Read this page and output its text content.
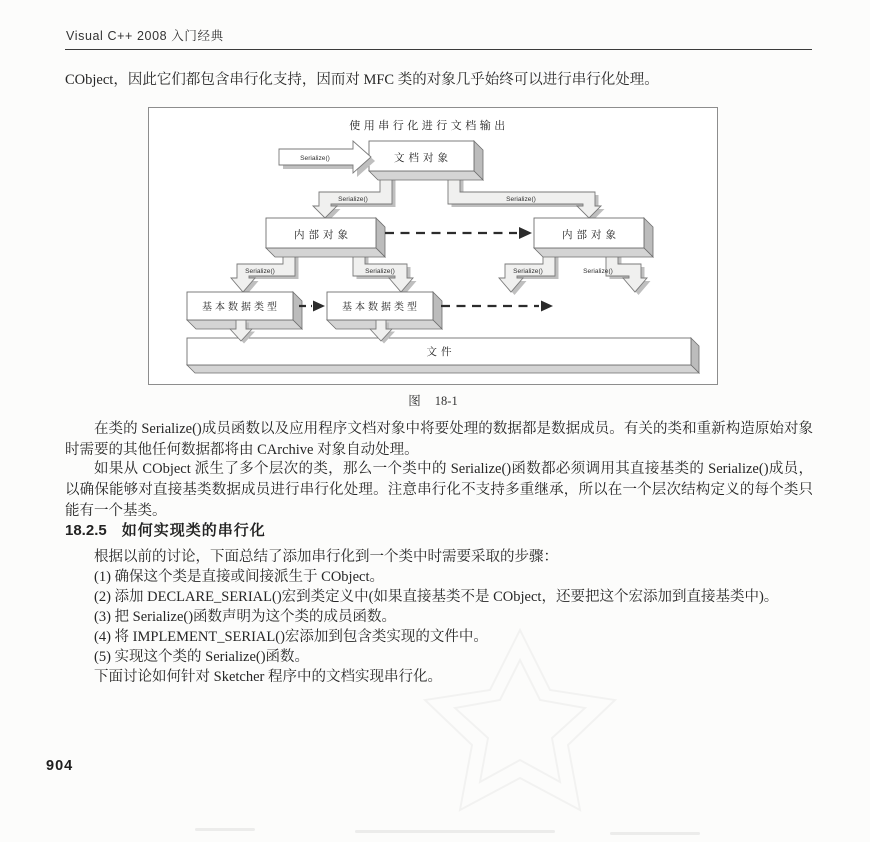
Visual C++ 2008 入门经典
CObject，因此它们都包含串行化支持，因而对 MFC 类的对象几乎始终可以进行串行化处理。
使用串行化进行文档输出
Serialize()	Serialize()
Serialize()	Serialize()	Serialize()	Serialize()
文档对象
Serialize()
内部对象	内部对象
基本数据类型	基本数据类型
文件
图 18-1
在类的 Serialize()成员函数以及应用程序文档对象中将要处理的数据都是数据成员。有关的类和重新构造原始对象时需要的其他任何数据都将由 CArchive 对象自动处理。
如果从 CObject 派生了多个层次的类，那么一个类中的 Serialize()函数都必须调用其直接基类的 Serialize()成员，以确保能够对直接基类数据成员进行串行化处理。注意串行化不支持多重继承，所以在一个层次结构定义的每个类只能有一个基类。
18.2.5 如何实现类的串行化
根据以前的讨论，下面总结了添加串行化到一个类中时需要采取的步骤：
(1) 确保这个类是直接或间接派生于 CObject。
(2) 添加 DECLARE_SERIAL()宏到类定义中(如果直接基类不是 CObject，还要把这个宏添加到直接基类中)。
(3) 把 Serialize()函数声明为这个类的成员函数。
(4) 将 IMPLEMENT_SERIAL()宏添加到包含类实现的文件中。
(5) 实现这个类的 Serialize()函数。
下面讨论如何针对 Sketcher 程序中的文档实现串行化。
904
